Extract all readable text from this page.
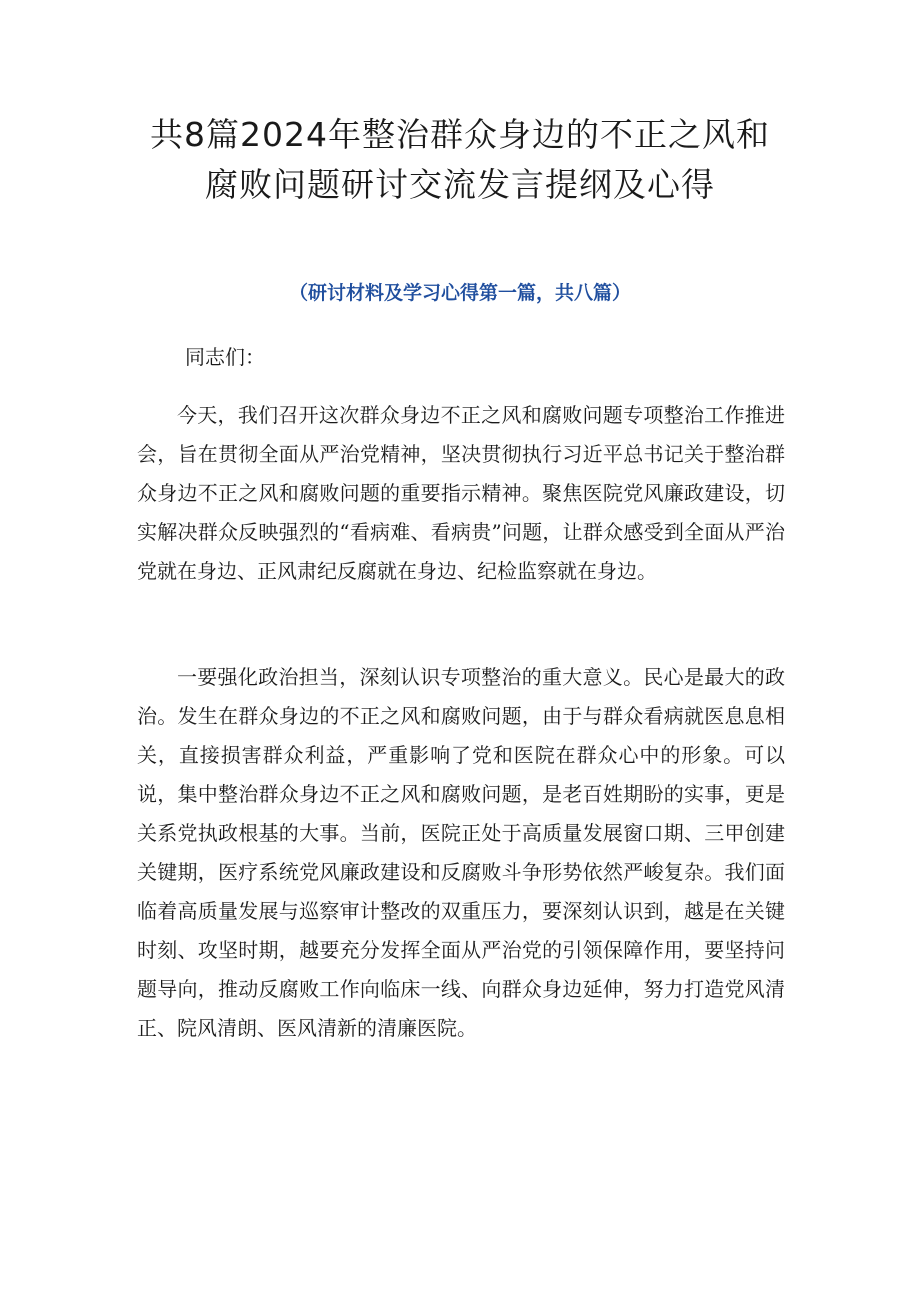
共8篇2024年整治群众身边的不正之风和
腐败问题研讨交流发言提纲及心得

（研讨材料及学习心得第一篇，共八篇）

同志们：

今天，我们召开这次群众身边不正之风和腐败问题专项整治工作推进会，旨在贯彻全面从严治党精神，坚决贯彻执行习近平总书记关于整治群众身边不正之风和腐败问题的重要指示精神。聚焦医院党风廉政建设，切实解决群众反映强烈的“看病难、看病贵”问题，让群众感受到全面从严治党就在身边、正风肃纪反腐就在身边、纪检监察就在身边。

一要强化政治担当，深刻认识专项整治的重大意义。民心是最大的政治。发生在群众身边的不正之风和腐败问题，由于与群众看病就医息息相关，直接损害群众利益，严重影响了党和医院在群众心中的形象。可以说，集中整治群众身边不正之风和腐败问题，是老百姓期盼的实事，更是关系党执政根基的大事。当前，医院正处于高质量发展窗口期、三甲创建关键期，医疗系统党风廉政建设和反腐败斗争形势依然严峻复杂。我们面临着高质量发展与巡察审计整改的双重压力，要深刻认识到，越是在关键时刻、攻坚时期，越要充分发挥全面从严治党的引领保障作用，要坚持问题导向，推动反腐败工作向临床一线、向群众身边延伸，努力打造党风清正、院风清朗、医风清新的清廉医院。
